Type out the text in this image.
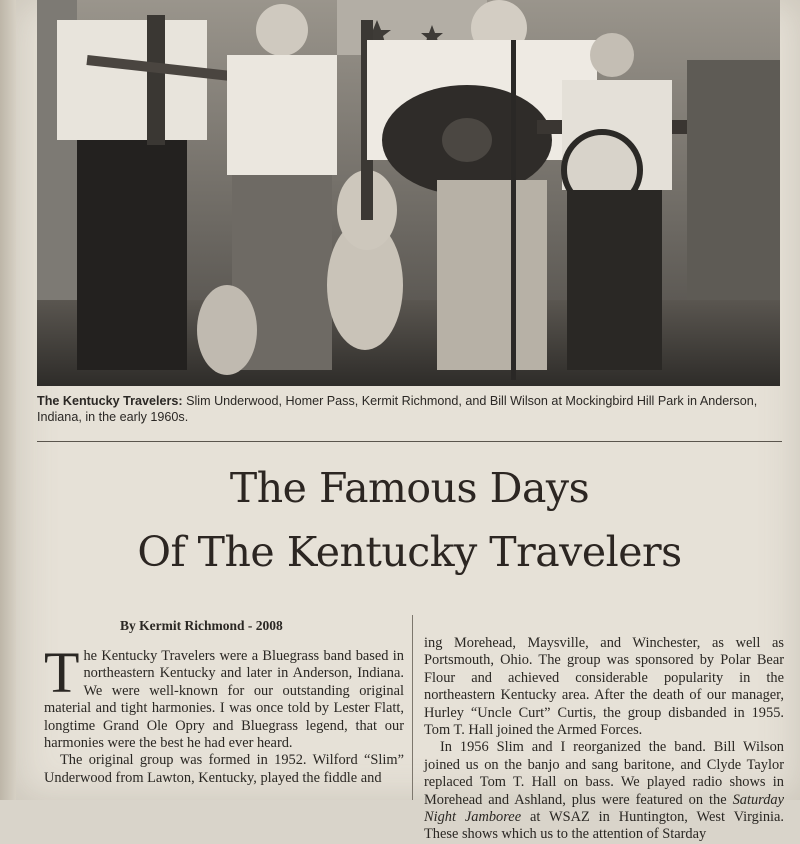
The Kentucky Travelers: Slim Underwood, Homer Pass, Kermit Richmond, and Bill Wilson at Mockingbird Hill Park in Anderson, Indiana, in the early 1960s.
The Famous Days
Of The Kentucky Travelers
By Kermit Richmond - 2008

The Kentucky Travelers were a Bluegrass band based in northeastern Kentucky and later in Anderson, Indiana. We were well-known for our outstanding original material and tight harmonies. I was once told by Lester Flatt, longtime Grand Ole Opry and Bluegrass legend, that our harmonies were the best he had ever heard.

The original group was formed in 1952. Wilford “Slim” Underwood from Lawton, Kentucky, played the fiddle and

ing Morehead, Maysville, and Winchester, as well as Portsmouth, Ohio. The group was sponsored by Polar Bear Flour and achieved considerable popularity in the northeastern Kentucky area. After the death of our manager, Hurley “Uncle Curt” Curtis, the group disbanded in 1955. Tom T. Hall joined the Armed Forces.

In 1956 Slim and I reorganized the band. Bill Wilson joined us on the banjo and sang baritone, and Clyde Taylor replaced Tom T. Hall on bass. We played radio shows in Morehead and Ashland, plus were featured on the Saturday Night Jamboree at WSAZ in Huntington, West Virginia. These shows which us to the attention of Starday
